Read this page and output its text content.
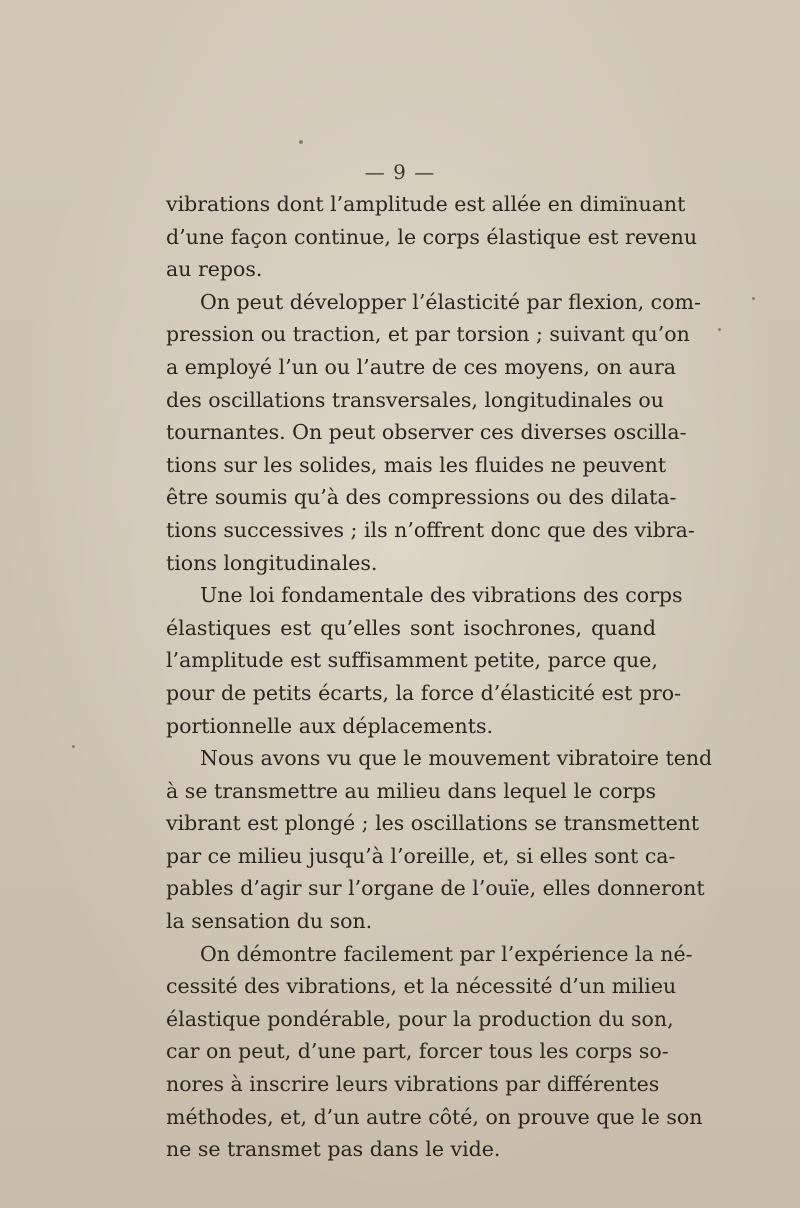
— 9 —
vibrations dont l’amplitude est allée en diminuant
d’une façon continue, le corps élastique est revenu
au repos.
On peut développer l’élasticité par flexion, com-
pression ou traction, et par torsion ; suivant qu’on
a employé l’un ou l’autre de ces moyens, on aura
des oscillations transversales, longitudinales ou
tournantes. On peut observer ces diverses oscilla-
tions sur les solides, mais les fluides ne peuvent
être soumis qu’à des compressions ou des dilata-
tions successives ; ils n’offrent donc que des vibra-
tions longitudinales.
Une loi fondamentale des vibrations des corps
élastiques est qu’elles sont isochrones, quand
l’amplitude est suffisamment petite, parce que,
pour de petits écarts, la force d’élasticité est pro-
portionnelle aux déplacements.
Nous avons vu que le mouvement vibratoire tend
à se transmettre au milieu dans lequel le corps
vibrant est plongé ; les oscillations se transmettent
par ce milieu jusqu’à l’oreille, et, si elles sont ca-
pables d’agir sur l’organe de l’ouïe, elles donneront
la sensation du son.
On démontre facilement par l’expérience la né-
cessité des vibrations, et la nécessité d’un milieu
élastique pondérable, pour la production du son,
car on peut, d’une part, forcer tous les corps so-
nores à inscrire leurs vibrations par différentes
méthodes, et, d’un autre côté, on prouve que le son
ne se transmet pas dans le vide.
